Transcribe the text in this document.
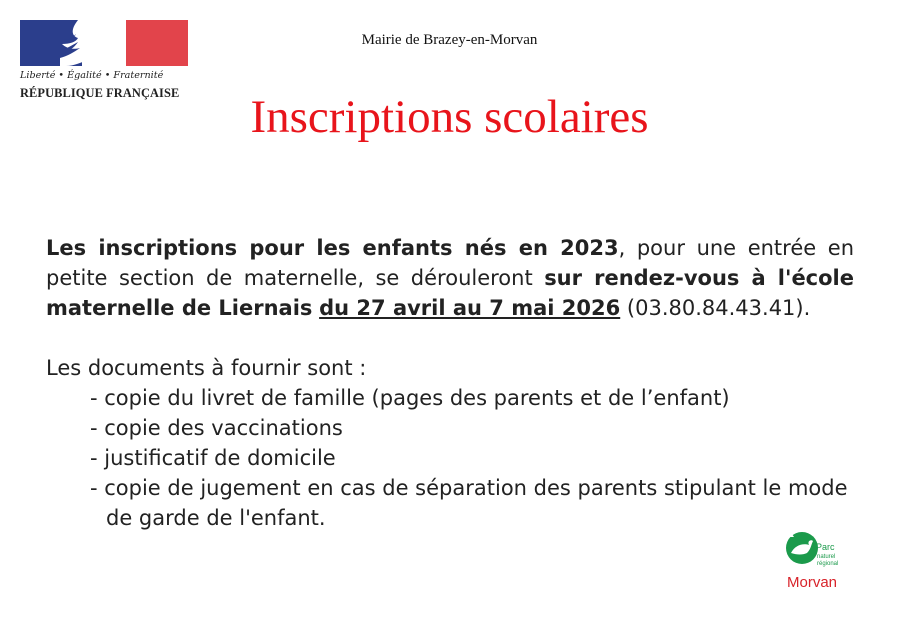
Liberté • Égalité • Fraternité
RÉPUBLIQUE FRANÇAISE
Mairie de Brazey-en-Morvan
Inscriptions scolaires

Les inscriptions pour les enfants nés en 2023, pour une entrée en petite section de maternelle, se dérouleront sur rendez-vous à l'école maternelle de Liernais du 27 avril au 7 mai 2026 (03.80.84.43.41).

Les documents à fournir sont :

- copie du livret de famille (pages des parents et de l’enfant)
- copie des vaccinations
- justificatif de domicile
- copie de jugement en cas de séparation des parents stipulant le mode
de garde de l'enfant.
Parc
naturel
régional
Morvan
